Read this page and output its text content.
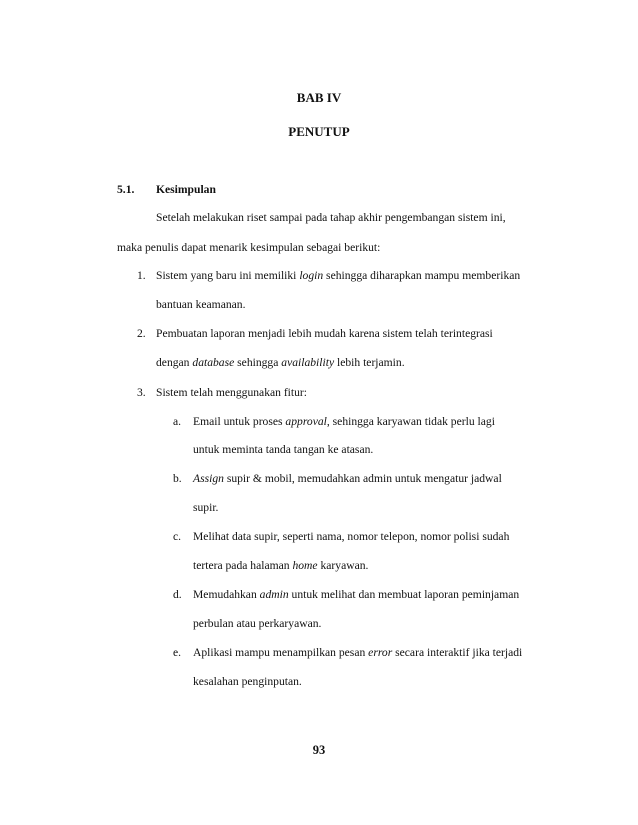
BAB IV
PENUTUP
5.1. Kesimpulan
Setelah melakukan riset sampai pada tahap akhir pengembangan sistem ini,
maka penulis dapat menarik kesimpulan sebagai berikut:
1. Sistem yang baru ini memiliki login sehingga diharapkan mampu memberikan
bantuan keamanan.
2. Pembuatan laporan menjadi lebih mudah karena sistem telah terintegrasi
dengan database sehingga availability lebih terjamin.
3. Sistem telah menggunakan fitur:
a. Email untuk proses approval, sehingga karyawan tidak perlu lagi
untuk meminta tanda tangan ke atasan.
b. Assign supir & mobil, memudahkan admin untuk mengatur jadwal
supir.
c. Melihat data supir, seperti nama, nomor telepon, nomor polisi sudah
tertera pada halaman home karyawan.
d. Memudahkan admin untuk melihat dan membuat laporan peminjaman
perbulan atau perkaryawan.
e. Aplikasi mampu menampilkan pesan error secara interaktif jika terjadi
kesalahan penginputan.
93
